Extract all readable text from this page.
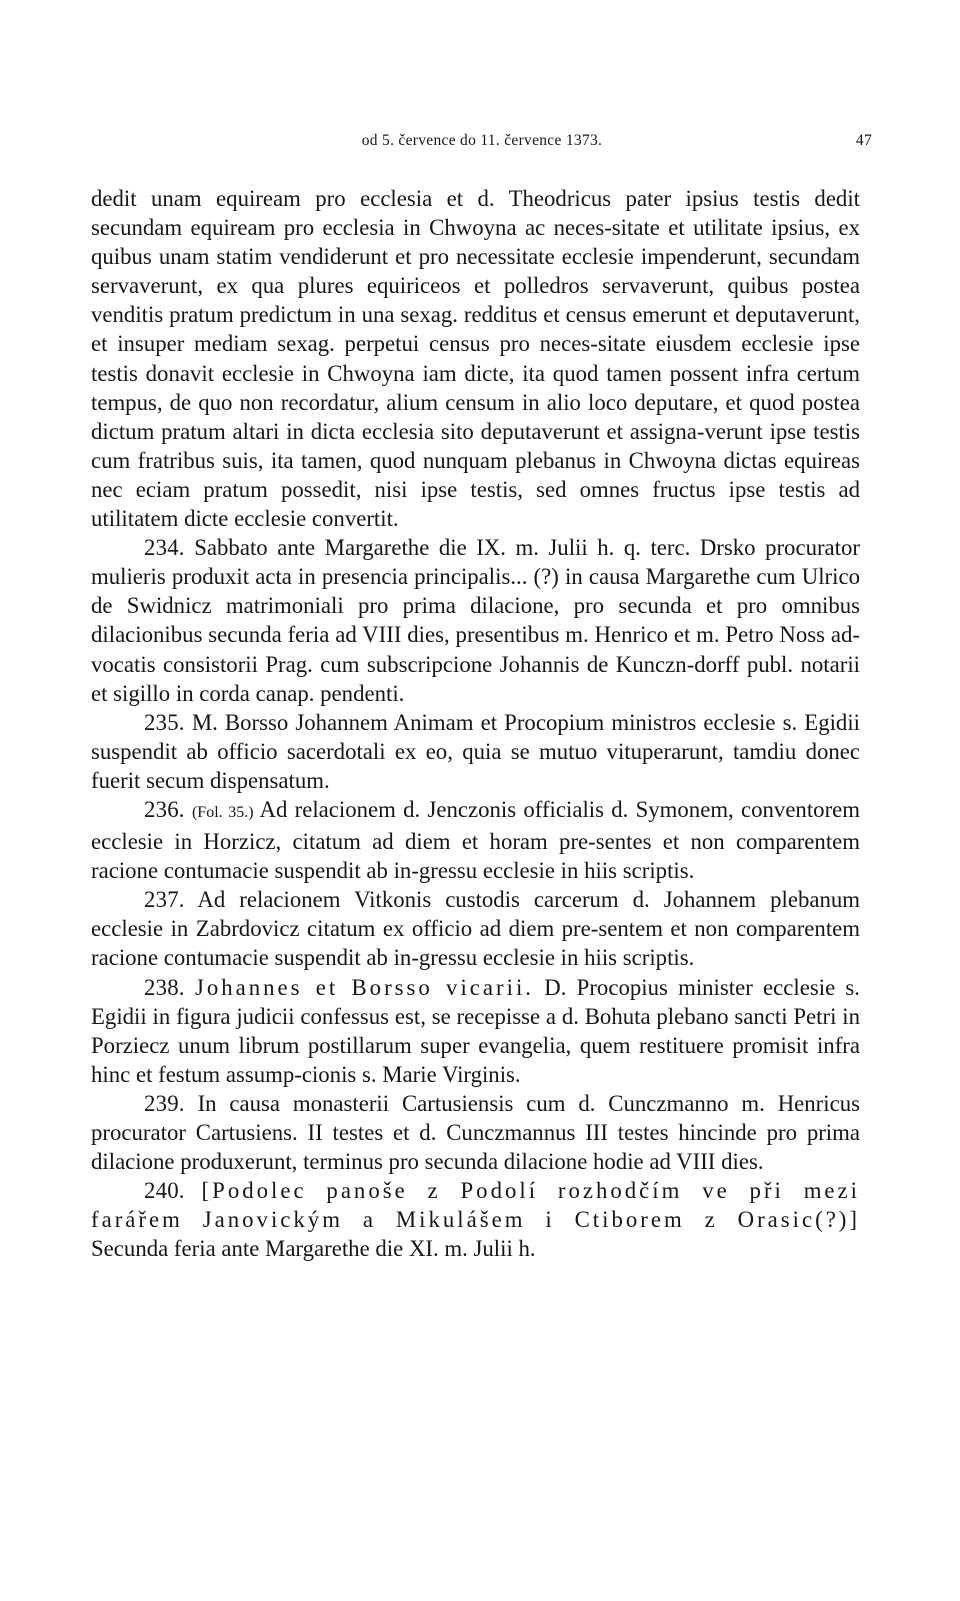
od 5. července do 11. července 1373.	47

dedit unam equiream pro ecclesia et d. Theodricus pater ipsius testis dedit secundam equiream pro ecclesia in Chwoyna ac neces-sitate et utilitate ipsius, ex quibus unam statim vendiderunt et pro necessitate ecclesie impenderunt, secundam servaverunt, ex qua plures equiriceos et polledros servaverunt, quibus postea venditis pratum predictum in una sexag. redditus et census emerunt et deputaverunt, et insuper mediam sexag. perpetui census pro neces-sitate eiusdem ecclesie ipse testis donavit ecclesie in Chwoyna iam dicte, ita quod tamen possent infra certum tempus, de quo non recordatur, alium censum in alio loco deputare, et quod postea dictum pratum altari in dicta ecclesia sito deputaverunt et assigna-verunt ipse testis cum fratribus suis, ita tamen, quod nunquam plebanus in Chwoyna dictas equireas nec eciam pratum possedit, nisi ipse testis, sed omnes fructus ipse testis ad utilitatem dicte ecclesie convertit.

234. Sabbato ante Margarethe die IX. m. Julii h. q. terc. Drsko procurator mulieris produxit acta in presencia principalis... (?) in causa Margarethe cum Ulrico de Swidnicz matrimoniali pro prima dilacione, pro secunda et pro omnibus dilacionibus secunda feria ad VIII dies, presentibus m. Henrico et m. Petro Noss ad-vocatis consistorii Prag. cum subscripcione Johannis de Kunczn-dorff publ. notarii et sigillo in corda canap. pendenti.

235. M. Borsso Johannem Animam et Procopium ministros ecclesie s. Egidii suspendit ab officio sacerdotali ex eo, quia se mutuo vituperarunt, tamdiu donec fuerit secum dispensatum.

236. (Fol. 35.) Ad relacionem d. Jenczonis officialis d. Symonem, conventorem ecclesie in Horzicz, citatum ad diem et horam pre-sentes et non comparentem racione contumacie suspendit ab in-gressu ecclesie in hiis scriptis.

237. Ad relacionem Vitkonis custodis carcerum d. Johannem plebanum ecclesie in Zabrdovicz citatum ex officio ad diem pre-sentem et non comparentem racione contumacie suspendit ab in-gressu ecclesie in hiis scriptis.

238. Johannes et Borsso vicarii. D. Procopius minister ecclesie s. Egidii in figura judicii confessus est, se recepisse a d. Bohuta plebano sancti Petri in Porziecz unum librum postillarum super evangelia, quem restituere promisit infra hinc et festum assump-cionis s. Marie Virginis.

239. In causa monasterii Cartusiensis cum d. Cunczmanno m. Henricus procurator Cartusiens. II testes et d. Cunczmannus III testes hincinde pro prima dilacione produxerunt, terminus pro secunda dilacione hodie ad VIII dies.

240. [Podolec panoše z Podolí rozhodčím ve při mezi farářem Janovickým a Mikulášem i Ctiborem z Orasic(?)] Secunda feria ante Margarethe die XI. m. Julii h.
